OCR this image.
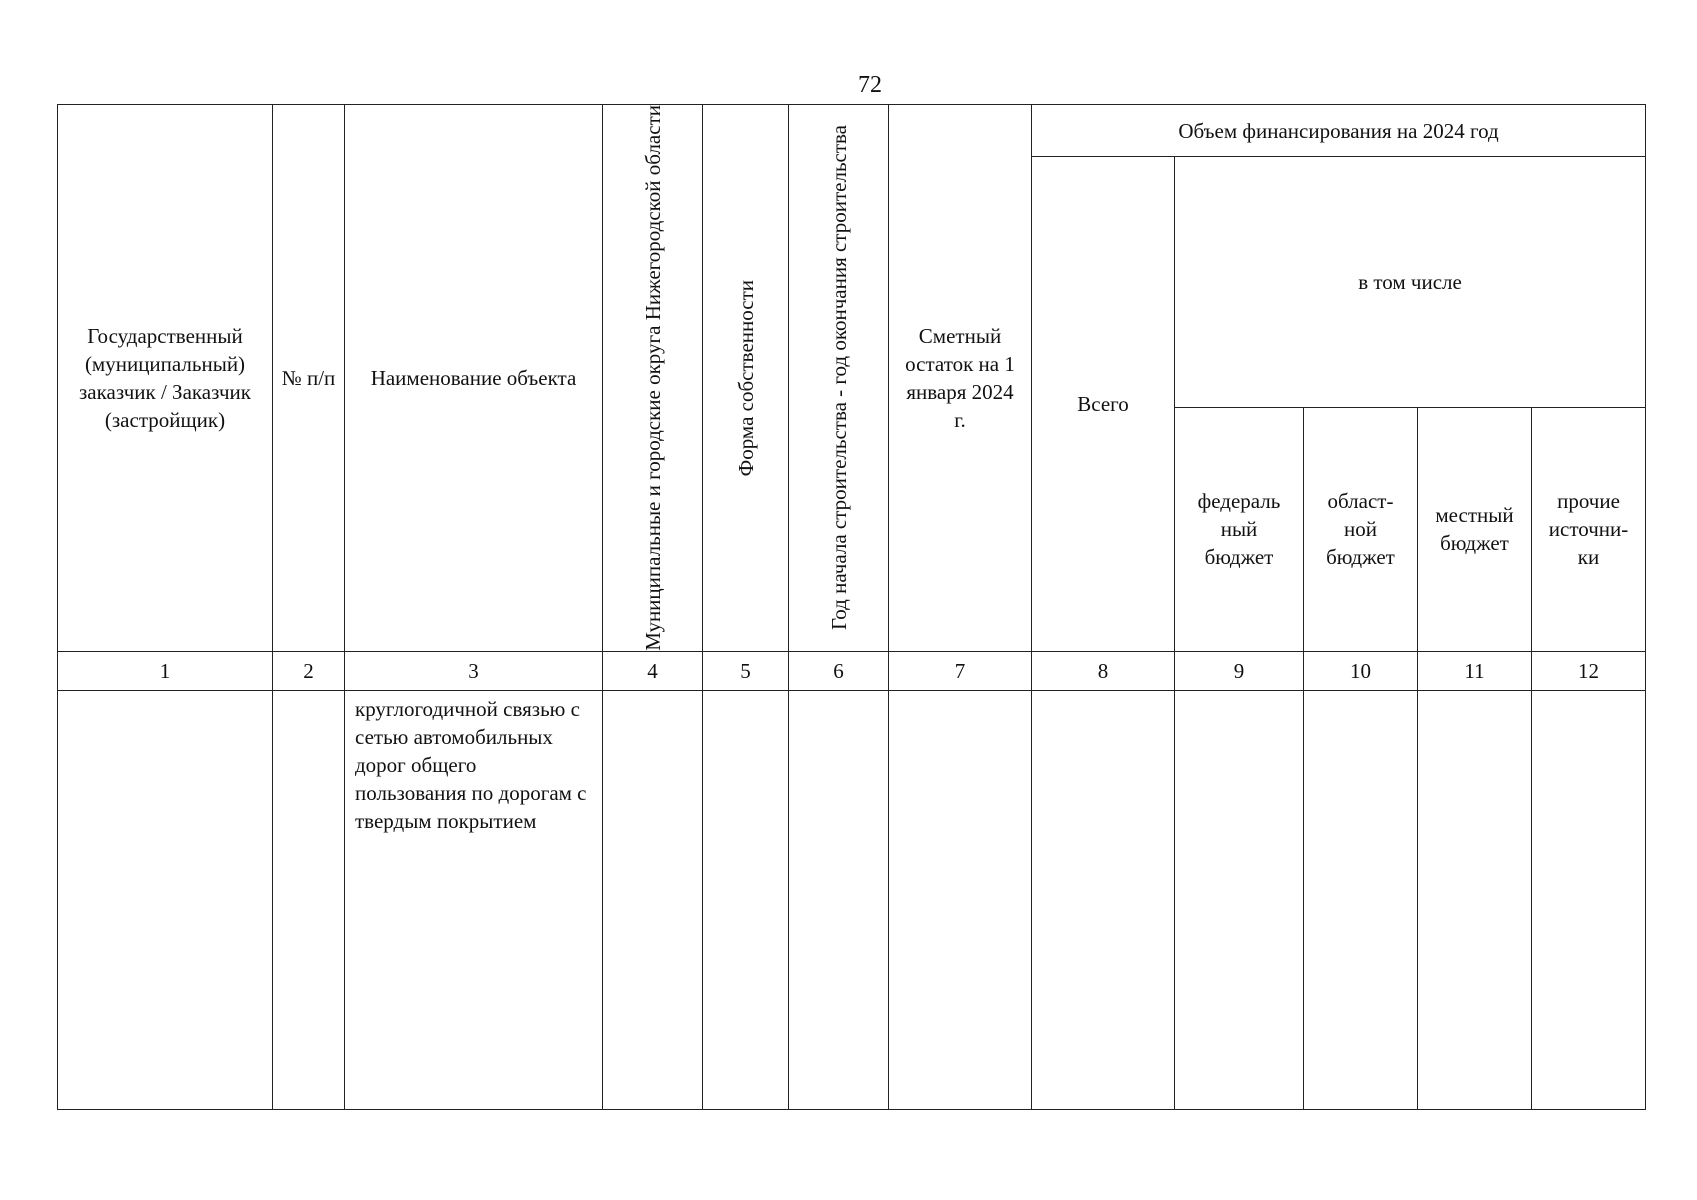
72
Государственный (муниципальный) заказчик / Заказчик (застройщик)	№ п/п	Наименование объекта	Муниципальные и городские округа Нижегородской области	Форма собственности	Год начала строительства - год окончания строительства	Сметный остаток на 1 января 2024 г.	Объем финансирования на 2024 год				
							Всего	в том числе			
								федераль ный бюджет	област- ной бюджет	местный бюджет	прочие источни- ки
1	2	3	4	5	6	7	8	9	10	11	12
		круглогодичной связью с сетью автомобильных дорог общего пользования по дорогам с твердым покрытием									
